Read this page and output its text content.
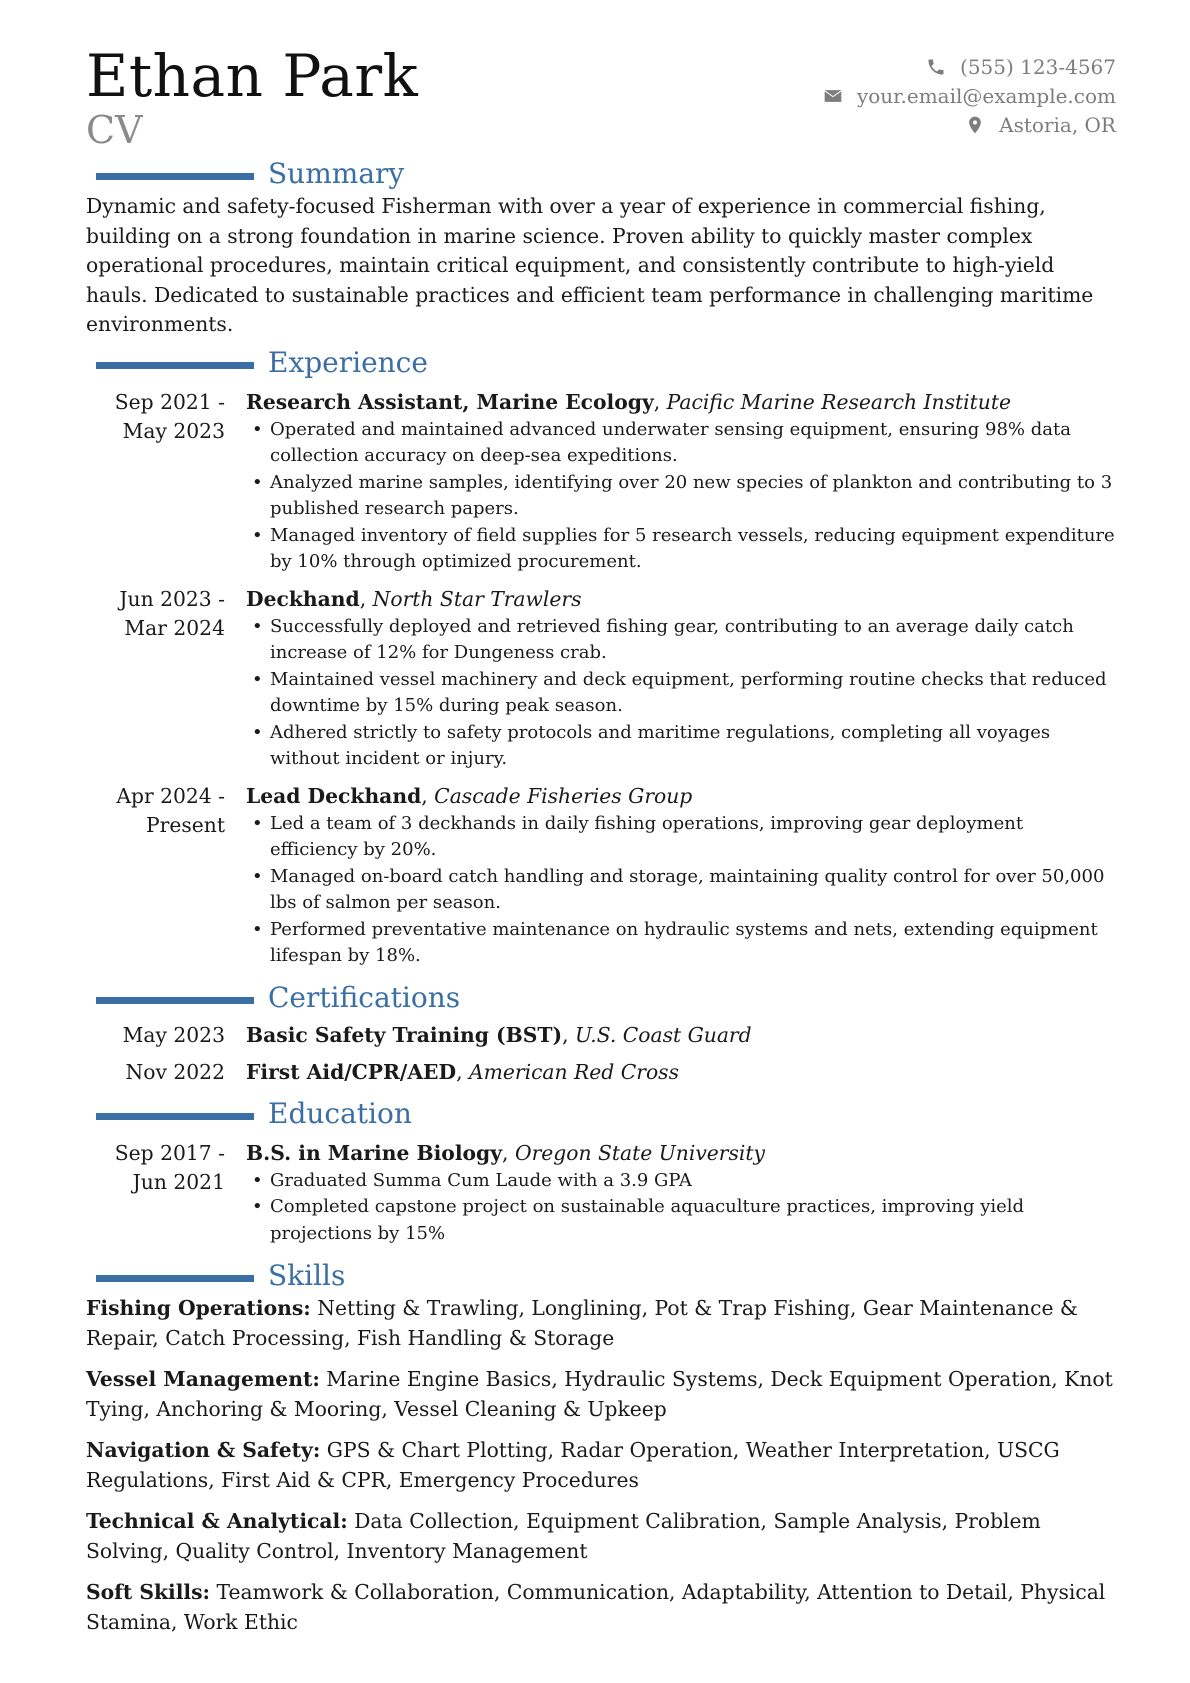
Ethan Park
CV
(555) 123-4567
your.email@example.com
Astoria, OR
Summary

Dynamic and safety-focused Fisherman with over a year of experience in commercial fishing, building on a strong foundation in marine science. Proven ability to quickly master complex operational procedures, maintain critical equipment, and consistently contribute to high-yield hauls. Dedicated to sustainable practices and efficient team performance in challenging maritime environments.

Experience
Sep 2021 - May 2023
Research Assistant, Marine Ecology, Pacific Marine Research Institute
• Operated and maintained advanced underwater sensing equipment, ensuring 98% data collection accuracy on deep-sea expeditions.
• Analyzed marine samples, identifying over 20 new species of plankton and contributing to 3 published research papers.
• Managed inventory of field supplies for 5 research vessels, reducing equipment expenditure by 10% through optimized procurement.
Jun 2023 - Mar 2024
Deckhand, North Star Trawlers
• Successfully deployed and retrieved fishing gear, contributing to an average daily catch increase of 12% for Dungeness crab.
• Maintained vessel machinery and deck equipment, performing routine checks that reduced downtime by 15% during peak season.
• Adhered strictly to safety protocols and maritime regulations, completing all voyages without incident or injury.
Apr 2024 - Present
Lead Deckhand, Cascade Fisheries Group
• Led a team of 3 deckhands in daily fishing operations, improving gear deployment efficiency by 20%.
• Managed on-board catch handling and storage, maintaining quality control for over 50,000 lbs of salmon per season.
• Performed preventative maintenance on hydraulic systems and nets, extending equipment lifespan by 18%.
Certifications
May 2023	Basic Safety Training (BST), U.S. Coast Guard
Nov 2022	First Aid/CPR/AED, American Red Cross
Education
Sep 2017 - Jun 2021
B.S. in Marine Biology, Oregon State University
• Graduated Summa Cum Laude with a 3.9 GPA
• Completed capstone project on sustainable aquaculture practices, improving yield projections by 15%
Skills

Fishing Operations: Netting & Trawling, Longlining, Pot & Trap Fishing, Gear Maintenance & Repair, Catch Processing, Fish Handling & Storage

Vessel Management: Marine Engine Basics, Hydraulic Systems, Deck Equipment Operation, Knot Tying, Anchoring & Mooring, Vessel Cleaning & Upkeep

Navigation & Safety: GPS & Chart Plotting, Radar Operation, Weather Interpretation, USCG Regulations, First Aid & CPR, Emergency Procedures

Technical & Analytical: Data Collection, Equipment Calibration, Sample Analysis, Problem Solving, Quality Control, Inventory Management

Soft Skills: Teamwork & Collaboration, Communication, Adaptability, Attention to Detail, Physical Stamina, Work Ethic
